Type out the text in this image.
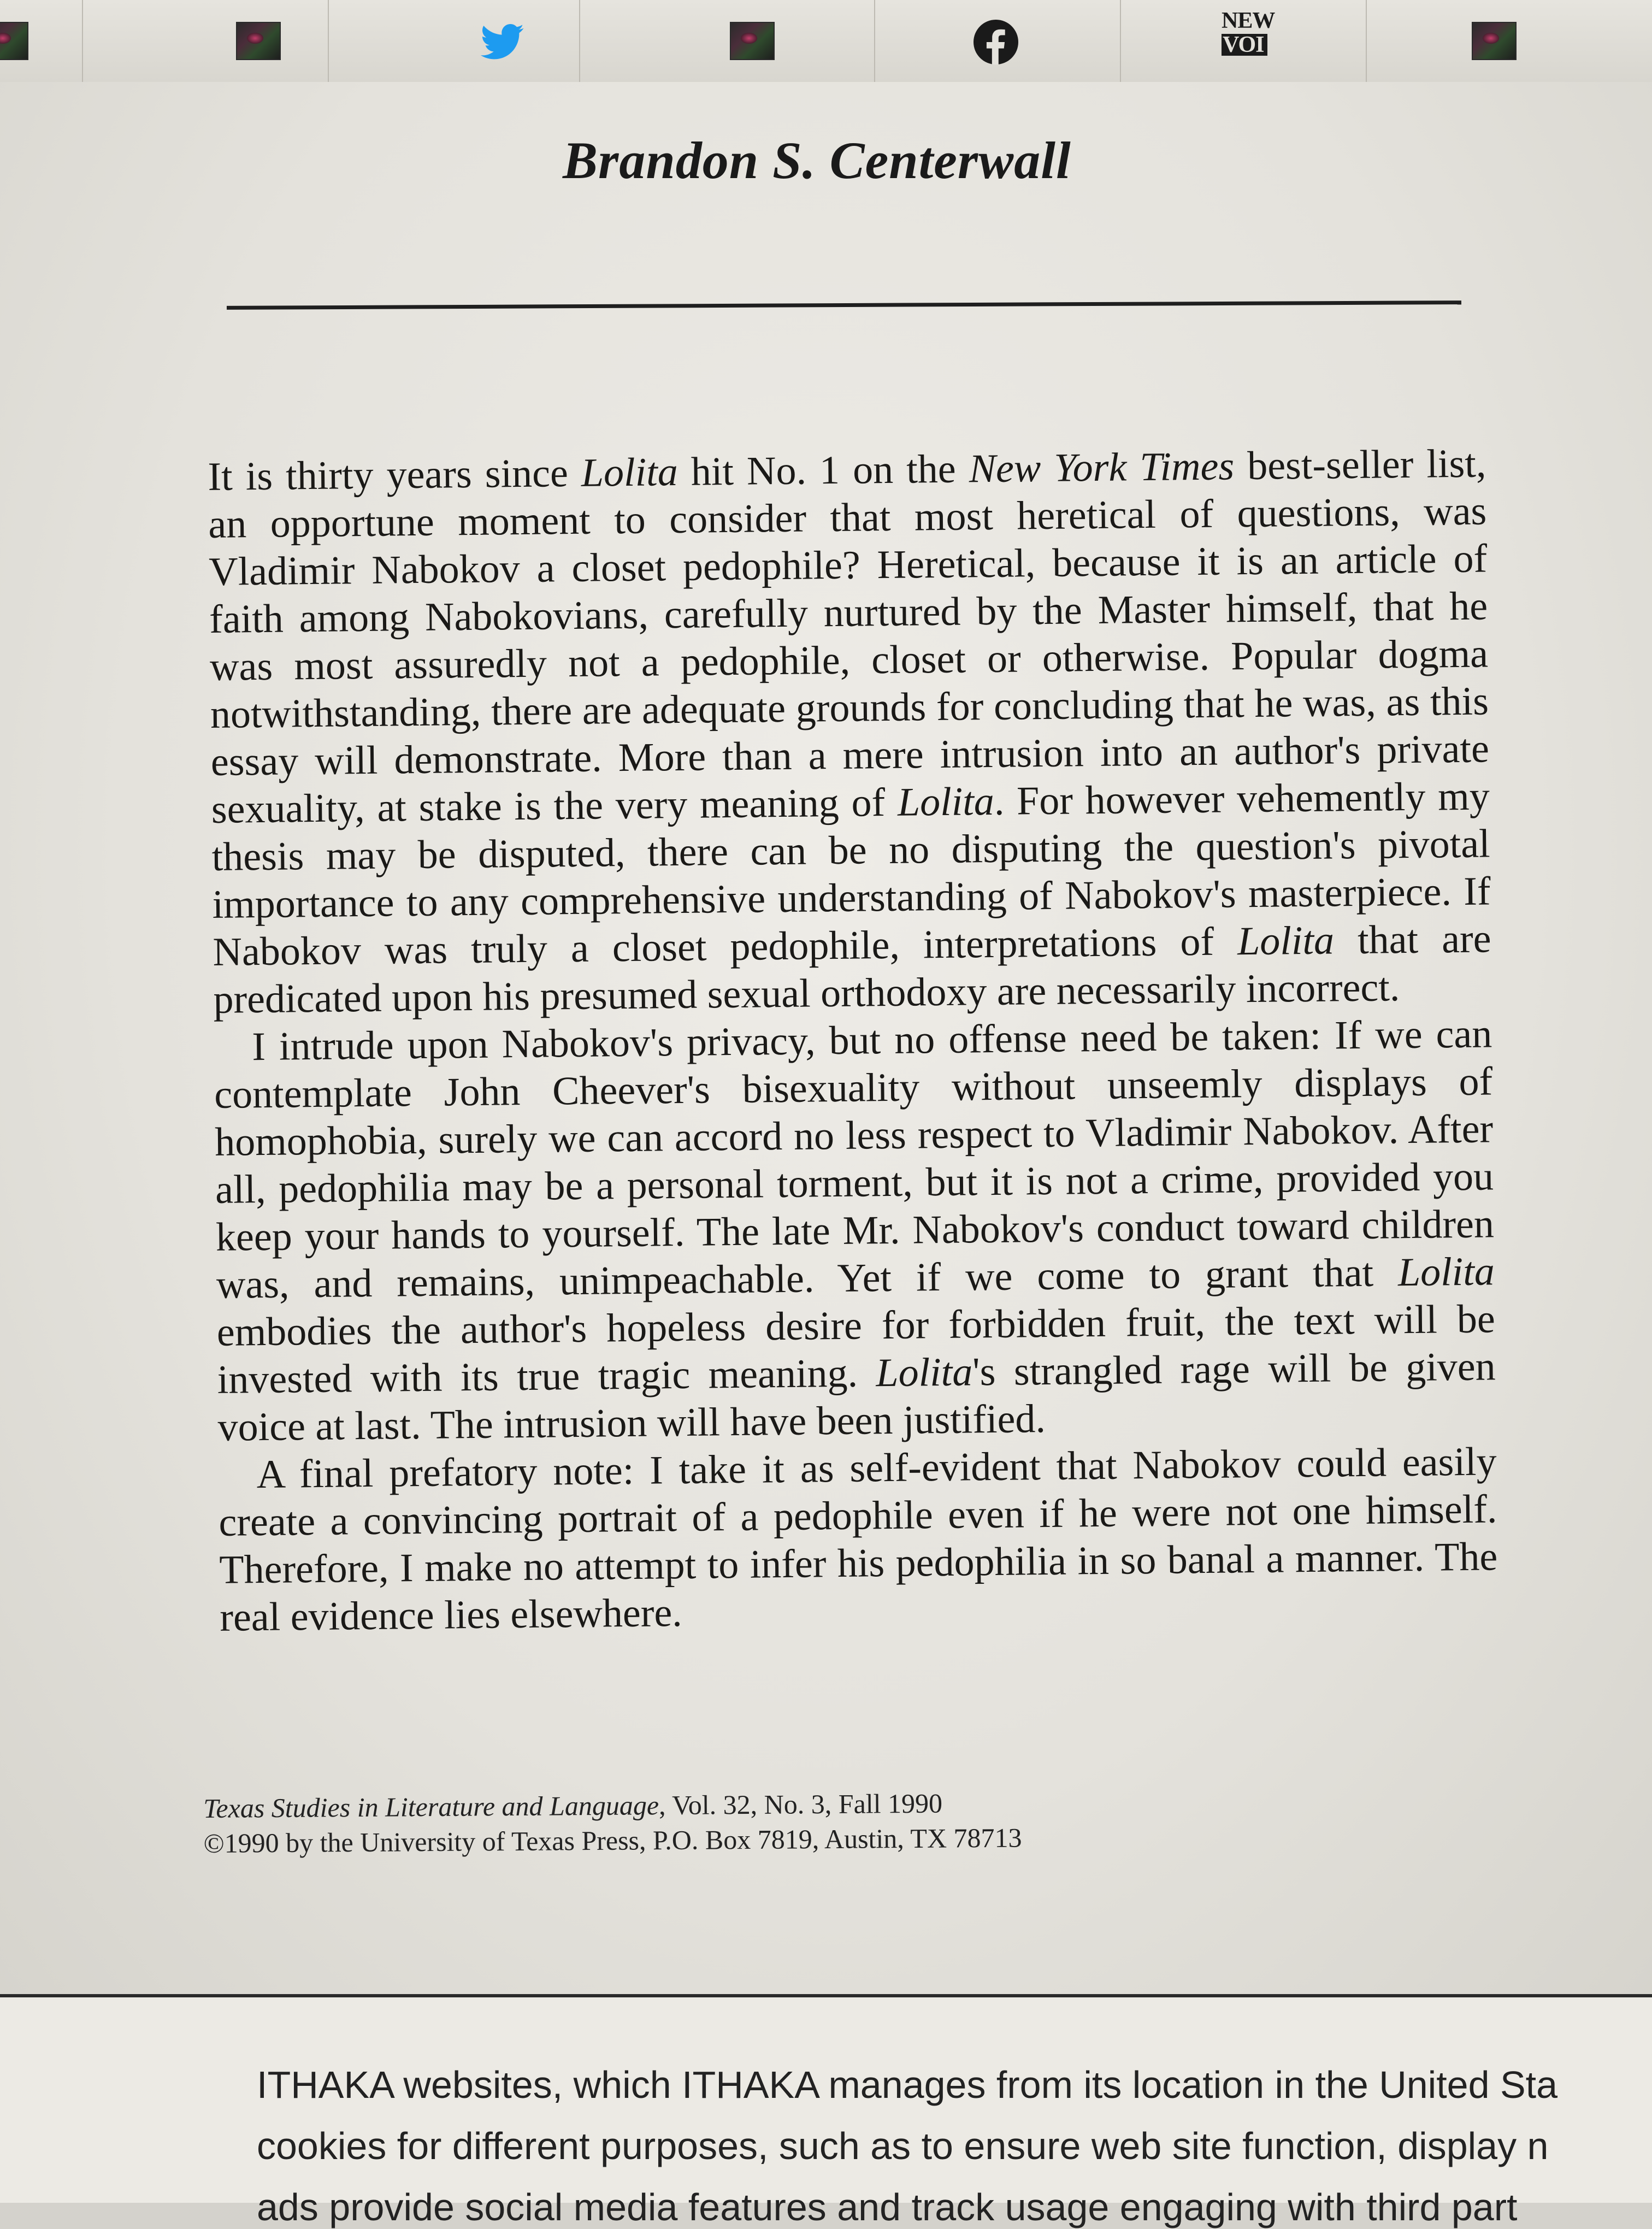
NEW
VOI
Brandon S. Centerwall

It is thirty years since Lolita hit No. 1 on the New York Times best-seller list, an opportune moment to consider that most heretical of questions, was Vladimir Nabokov a closet pedophile? Heretical, because it is an article of faith among Nabokovians, carefully nurtured by the Master himself, that he was most assuredly not a pedophile, closet or otherwise. Popular dogma notwithstanding, there are adequate grounds for concluding that he was, as this essay will demonstrate. More than a mere intrusion into an author's private sexuality, at stake is the very meaning of Lolita. For however vehemently my thesis may be disputed, there can be no disputing the question's pivotal importance to any comprehensive understanding of Nabokov's masterpiece. If Nabokov was truly a closet pedophile, interpretations of Lolita that are predicated upon his presumed sexual orthodoxy are necessarily incorrect.

I intrude upon Nabokov's privacy, but no offense need be taken: If we can contemplate John Cheever's bisexuality without unseemly displays of homophobia, surely we can accord no less respect to Vladimir Nabokov. After all, pedophilia may be a personal torment, but it is not a crime, provided you keep your hands to yourself. The late Mr. Nabokov's conduct toward children was, and remains, unimpeachable. Yet if we come to grant that Lolita embodies the author's hopeless desire for forbidden fruit, the text will be invested with its true tragic meaning. Lolita's strangled rage will be given voice at last. The intrusion will have been justified.

A final prefatory note: I take it as self-evident that Nabokov could easily create a convincing portrait of a pedophile even if he were not one himself. Therefore, I make no attempt to infer his pedophilia in so banal a manner. The real evidence lies elsewhere.

Texas Studies in Literature and Language, Vol. 32, No. 3, Fall 1990
©1990 by the University of Texas Press, P.O. Box 7819, Austin, TX 78713

ITHAKA websites, which ITHAKA manages from its location in the United Sta

cookies for different purposes, such as to ensure web site function, display n

ads provide social media features and track usage engaging with third part
